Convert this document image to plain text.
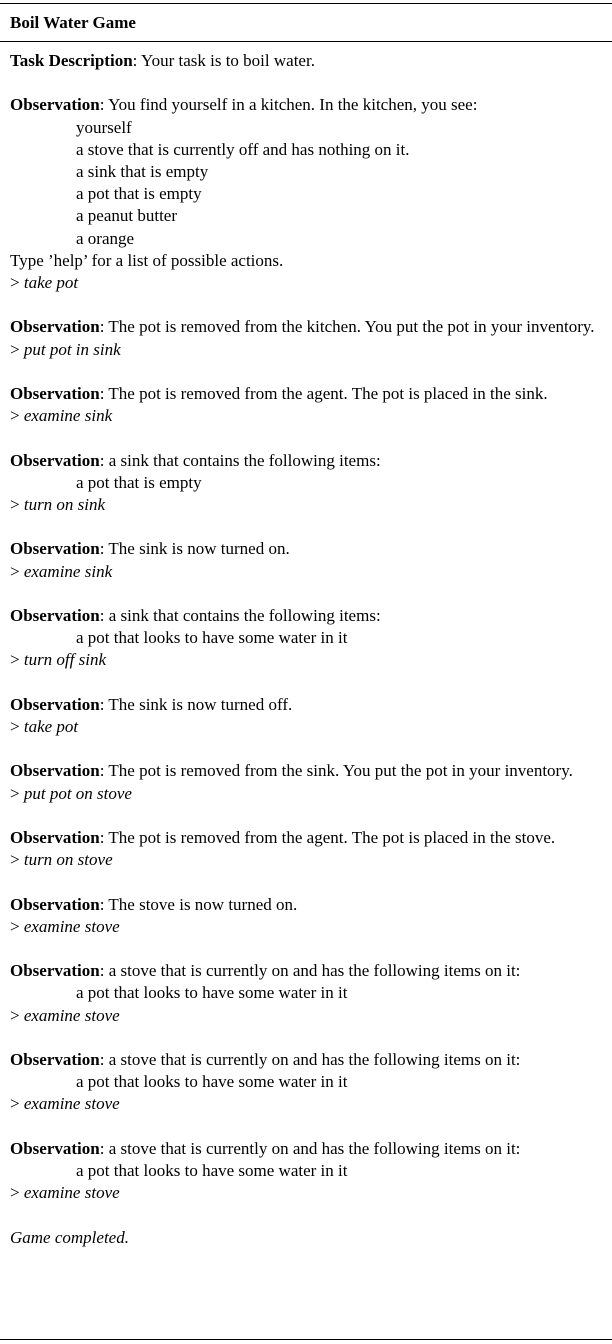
Boil Water Game
Task Description: Your task is to boil water.
Observation: You find yourself in a kitchen. In the kitchen, you see:
yourself
a stove that is currently off and has nothing on it.
a sink that is empty
a pot that is empty
a peanut butter
a orange
Type ’help’ for a list of possible actions.
> take pot
Observation: The pot is removed from the kitchen. You put the pot in your inventory.
> put pot in sink
Observation: The pot is removed from the agent. The pot is placed in the sink.
> examine sink
Observation: a sink that contains the following items:
a pot that is empty
> turn on sink
Observation: The sink is now turned on.
> examine sink
Observation: a sink that contains the following items:
a pot that looks to have some water in it
> turn off sink
Observation: The sink is now turned off.
> take pot
Observation: The pot is removed from the sink. You put the pot in your inventory.
> put pot on stove
Observation: The pot is removed from the agent. The pot is placed in the stove.
> turn on stove
Observation: The stove is now turned on.
> examine stove
Observation: a stove that is currently on and has the following items on it:
a pot that looks to have some water in it
> examine stove
Observation: a stove that is currently on and has the following items on it:
a pot that looks to have some water in it
> examine stove
Observation: a stove that is currently on and has the following items on it:
a pot that looks to have some water in it
> examine stove
Game completed.
